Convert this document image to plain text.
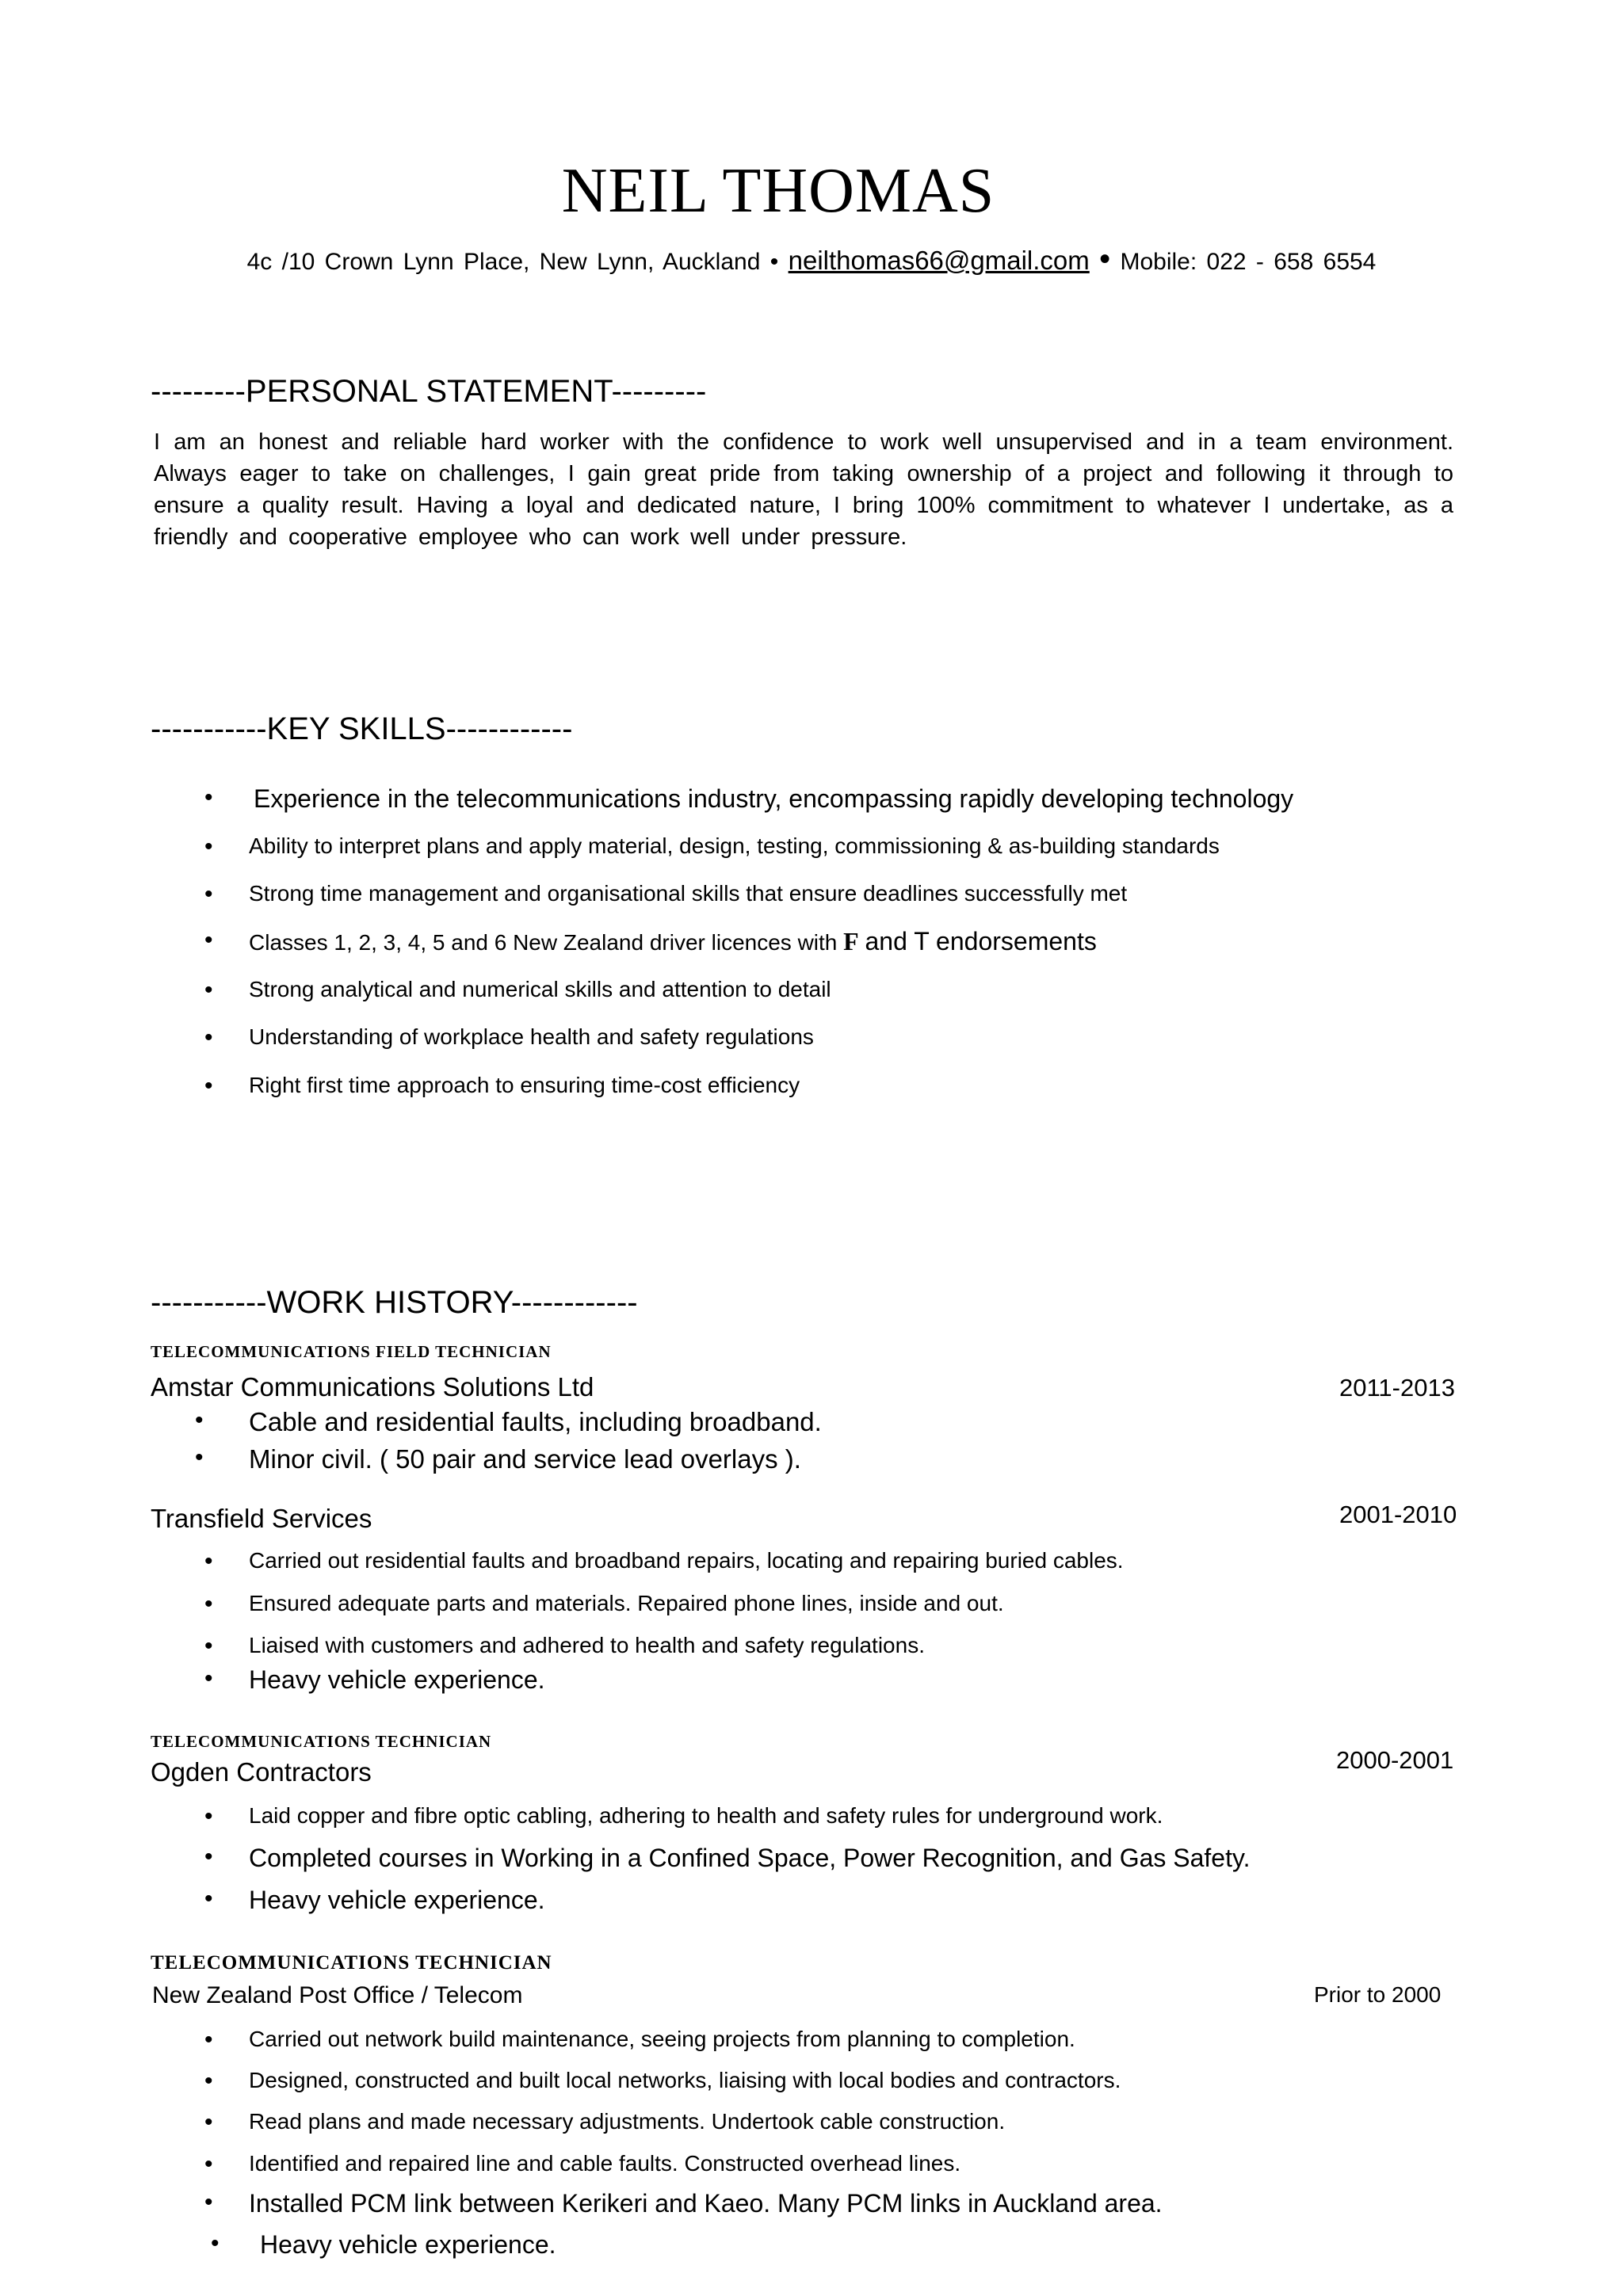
NEIL THOMAS
4c /10 Crown Lynn Place, New Lynn, Auckland • neilthomas66@gmail.com • Mobile: 022 - 658 6554
---------PERSONAL STATEMENT---------
I am an honest and reliable hard worker with the confidence to work well unsupervised and in a team environment. Always eager to take on challenges, I gain great pride from taking ownership of a project and following it through to ensure a quality result. Having a loyal and dedicated nature, I bring 100% commitment to whatever I undertake, as a friendly and cooperative employee who can work well under pressure.
-----------KEY SKILLS------------
• Experience in the telecommunications industry, encompassing rapidly developing technology
• Ability to interpret plans and apply material, design, testing, commissioning & as-building standards
• Strong time management and organisational skills that ensure deadlines successfully met
• Classes 1, 2, 3, 4, 5 and 6 New Zealand driver licences with F and T endorsements
• Strong analytical and numerical skills and attention to detail
• Understanding of workplace health and safety regulations
• Right first time approach to ensuring time-cost efficiency
-----------WORK HISTORY------------
TELECOMMUNICATIONS FIELD TECHNICIAN
Amstar Communications Solutions Ltd	2011-2013
• Cable and residential faults, including broadband.
• Minor civil. ( 50 pair and service lead overlays ).
Transfield Services	2001-2010
• Carried out residential faults and broadband repairs, locating and repairing buried cables.
• Ensured adequate parts and materials. Repaired phone lines, inside and out.
• Liaised with customers and adhered to health and safety regulations.
• Heavy vehicle experience.
TELECOMMUNICATIONS TECHNICIAN
Ogden Contractors	2000-2001
• Laid copper and fibre optic cabling, adhering to health and safety rules for underground work.
• Completed courses in Working in a Confined Space, Power Recognition, and Gas Safety.
• Heavy vehicle experience.
TELECOMMUNICATIONS TECHNICIAN
New Zealand Post Office / Telecom	Prior to 2000
• Carried out network build maintenance, seeing projects from planning to completion.
• Designed, constructed and built local networks, liaising with local bodies and contractors.
• Read plans and made necessary adjustments. Undertook cable construction.
• Identified and repaired line and cable faults. Constructed overhead lines.
• Installed PCM link between Kerikeri and Kaeo. Many PCM links in Auckland area.
• Heavy vehicle experience.
